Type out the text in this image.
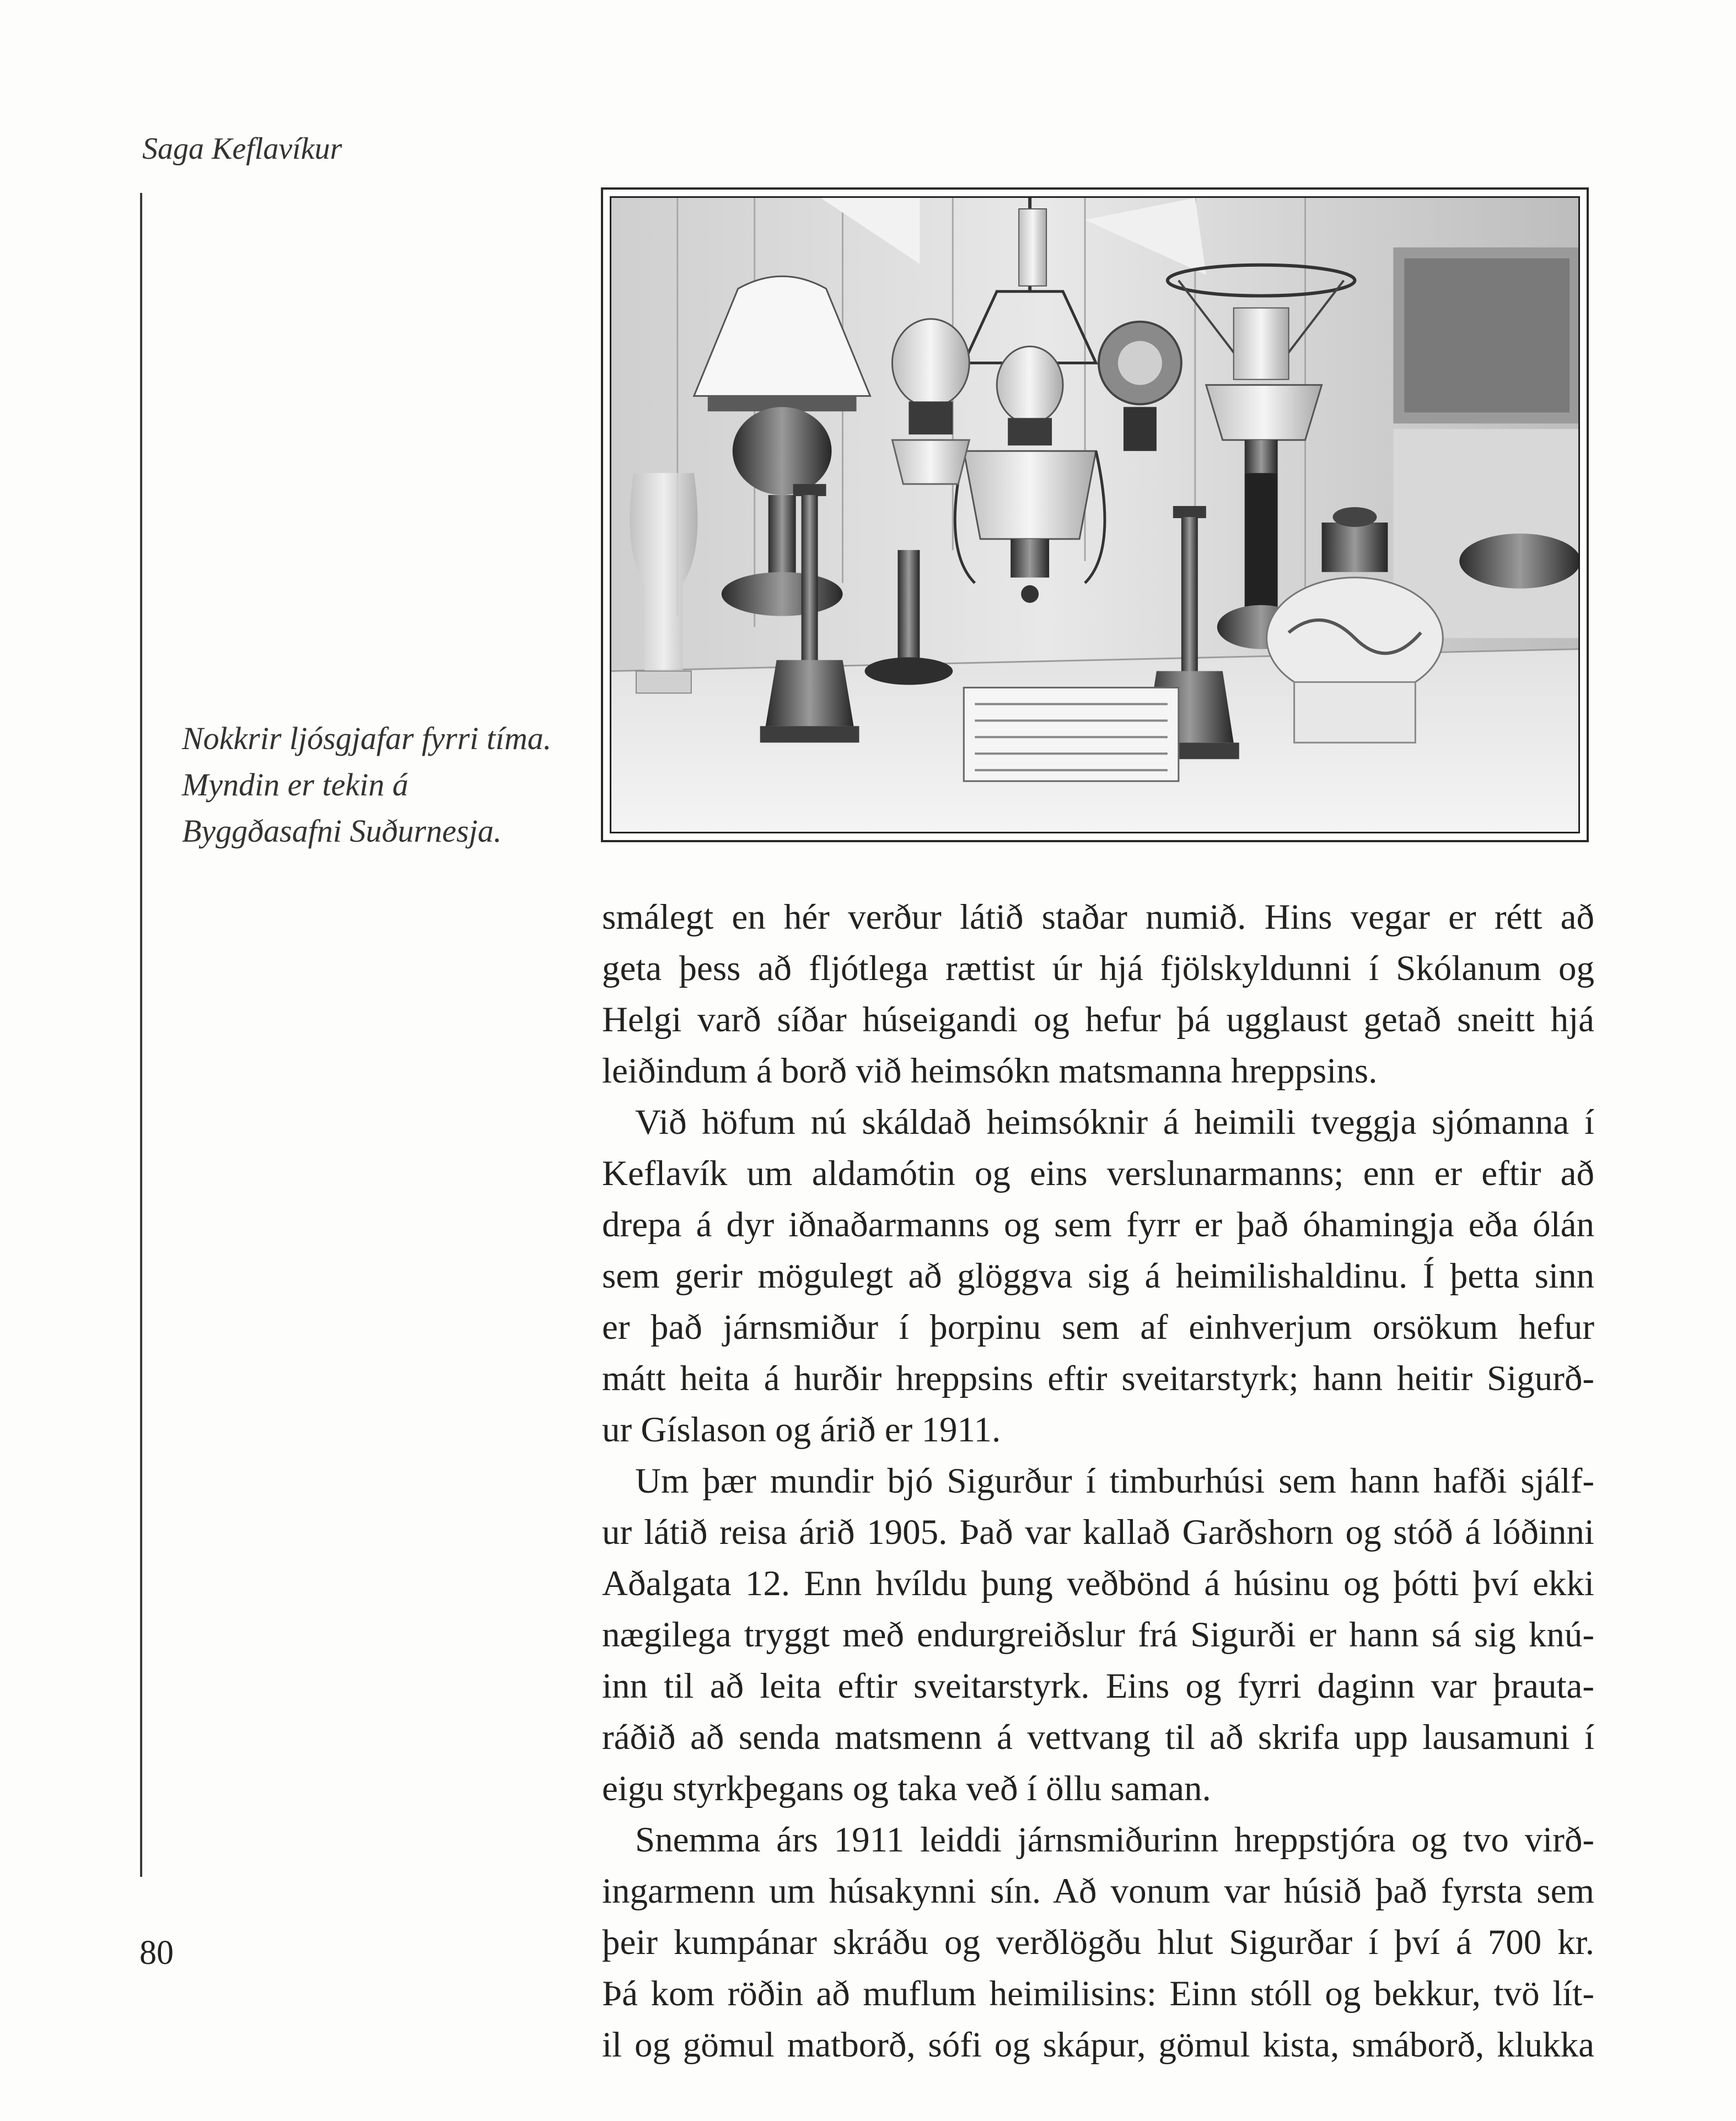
Saga Keflavíkur
Nokkrir ljósgjafar fyrri tíma.
Myndin er tekin á
Byggðasafni Suðurnesja.
smálegt en hér verður látið staðar numið. Hins vegar er rétt að
geta þess að fljótlega rættist úr hjá fjölskyldunni í Skólanum og
Helgi varð síðar húseigandi og hefur þá ugglaust getað sneitt hjá
leiðindum á borð við heimsókn matsmanna hreppsins.
Við höfum nú skáldað heimsóknir á heimili tveggja sjómanna í
Keflavík um aldamótin og eins verslunarmanns; enn er eftir að
drepa á dyr iðnaðarmanns og sem fyrr er það óhamingja eða ólán
sem gerir mögulegt að glöggva sig á heimilishaldinu. Í þetta sinn
er það járnsmiður í þorpinu sem af einhverjum orsökum hefur
mátt heita á hurðir hreppsins eftir sveitarstyrk; hann heitir Sigurð-
ur Gíslason og árið er 1911.
Um þær mundir bjó Sigurður í timburhúsi sem hann hafði sjálf-
ur látið reisa árið 1905. Það var kallað Garðshorn og stóð á lóðinni
Aðalgata 12. Enn hvíldu þung veðbönd á húsinu og þótti því ekki
nægilega tryggt með endurgreiðslur frá Sigurði er hann sá sig knú-
inn til að leita eftir sveitarstyrk. Eins og fyrri daginn var þrauta-
ráðið að senda matsmenn á vettvang til að skrifa upp lausamuni í
eigu styrkþegans og taka veð í öllu saman.
Snemma árs 1911 leiddi járnsmiðurinn hreppstjóra og tvo virð-
ingarmenn um húsakynni sín. Að vonum var húsið það fyrsta sem
þeir kumpánar skráðu og verðlögðu hlut Sigurðar í því á 700 kr.
Þá kom röðin að muflum heimilisins: Einn stóll og bekkur, tvö lít-
il og gömul matborð, sófi og skápur, gömul kista, smáborð, klukka
80
